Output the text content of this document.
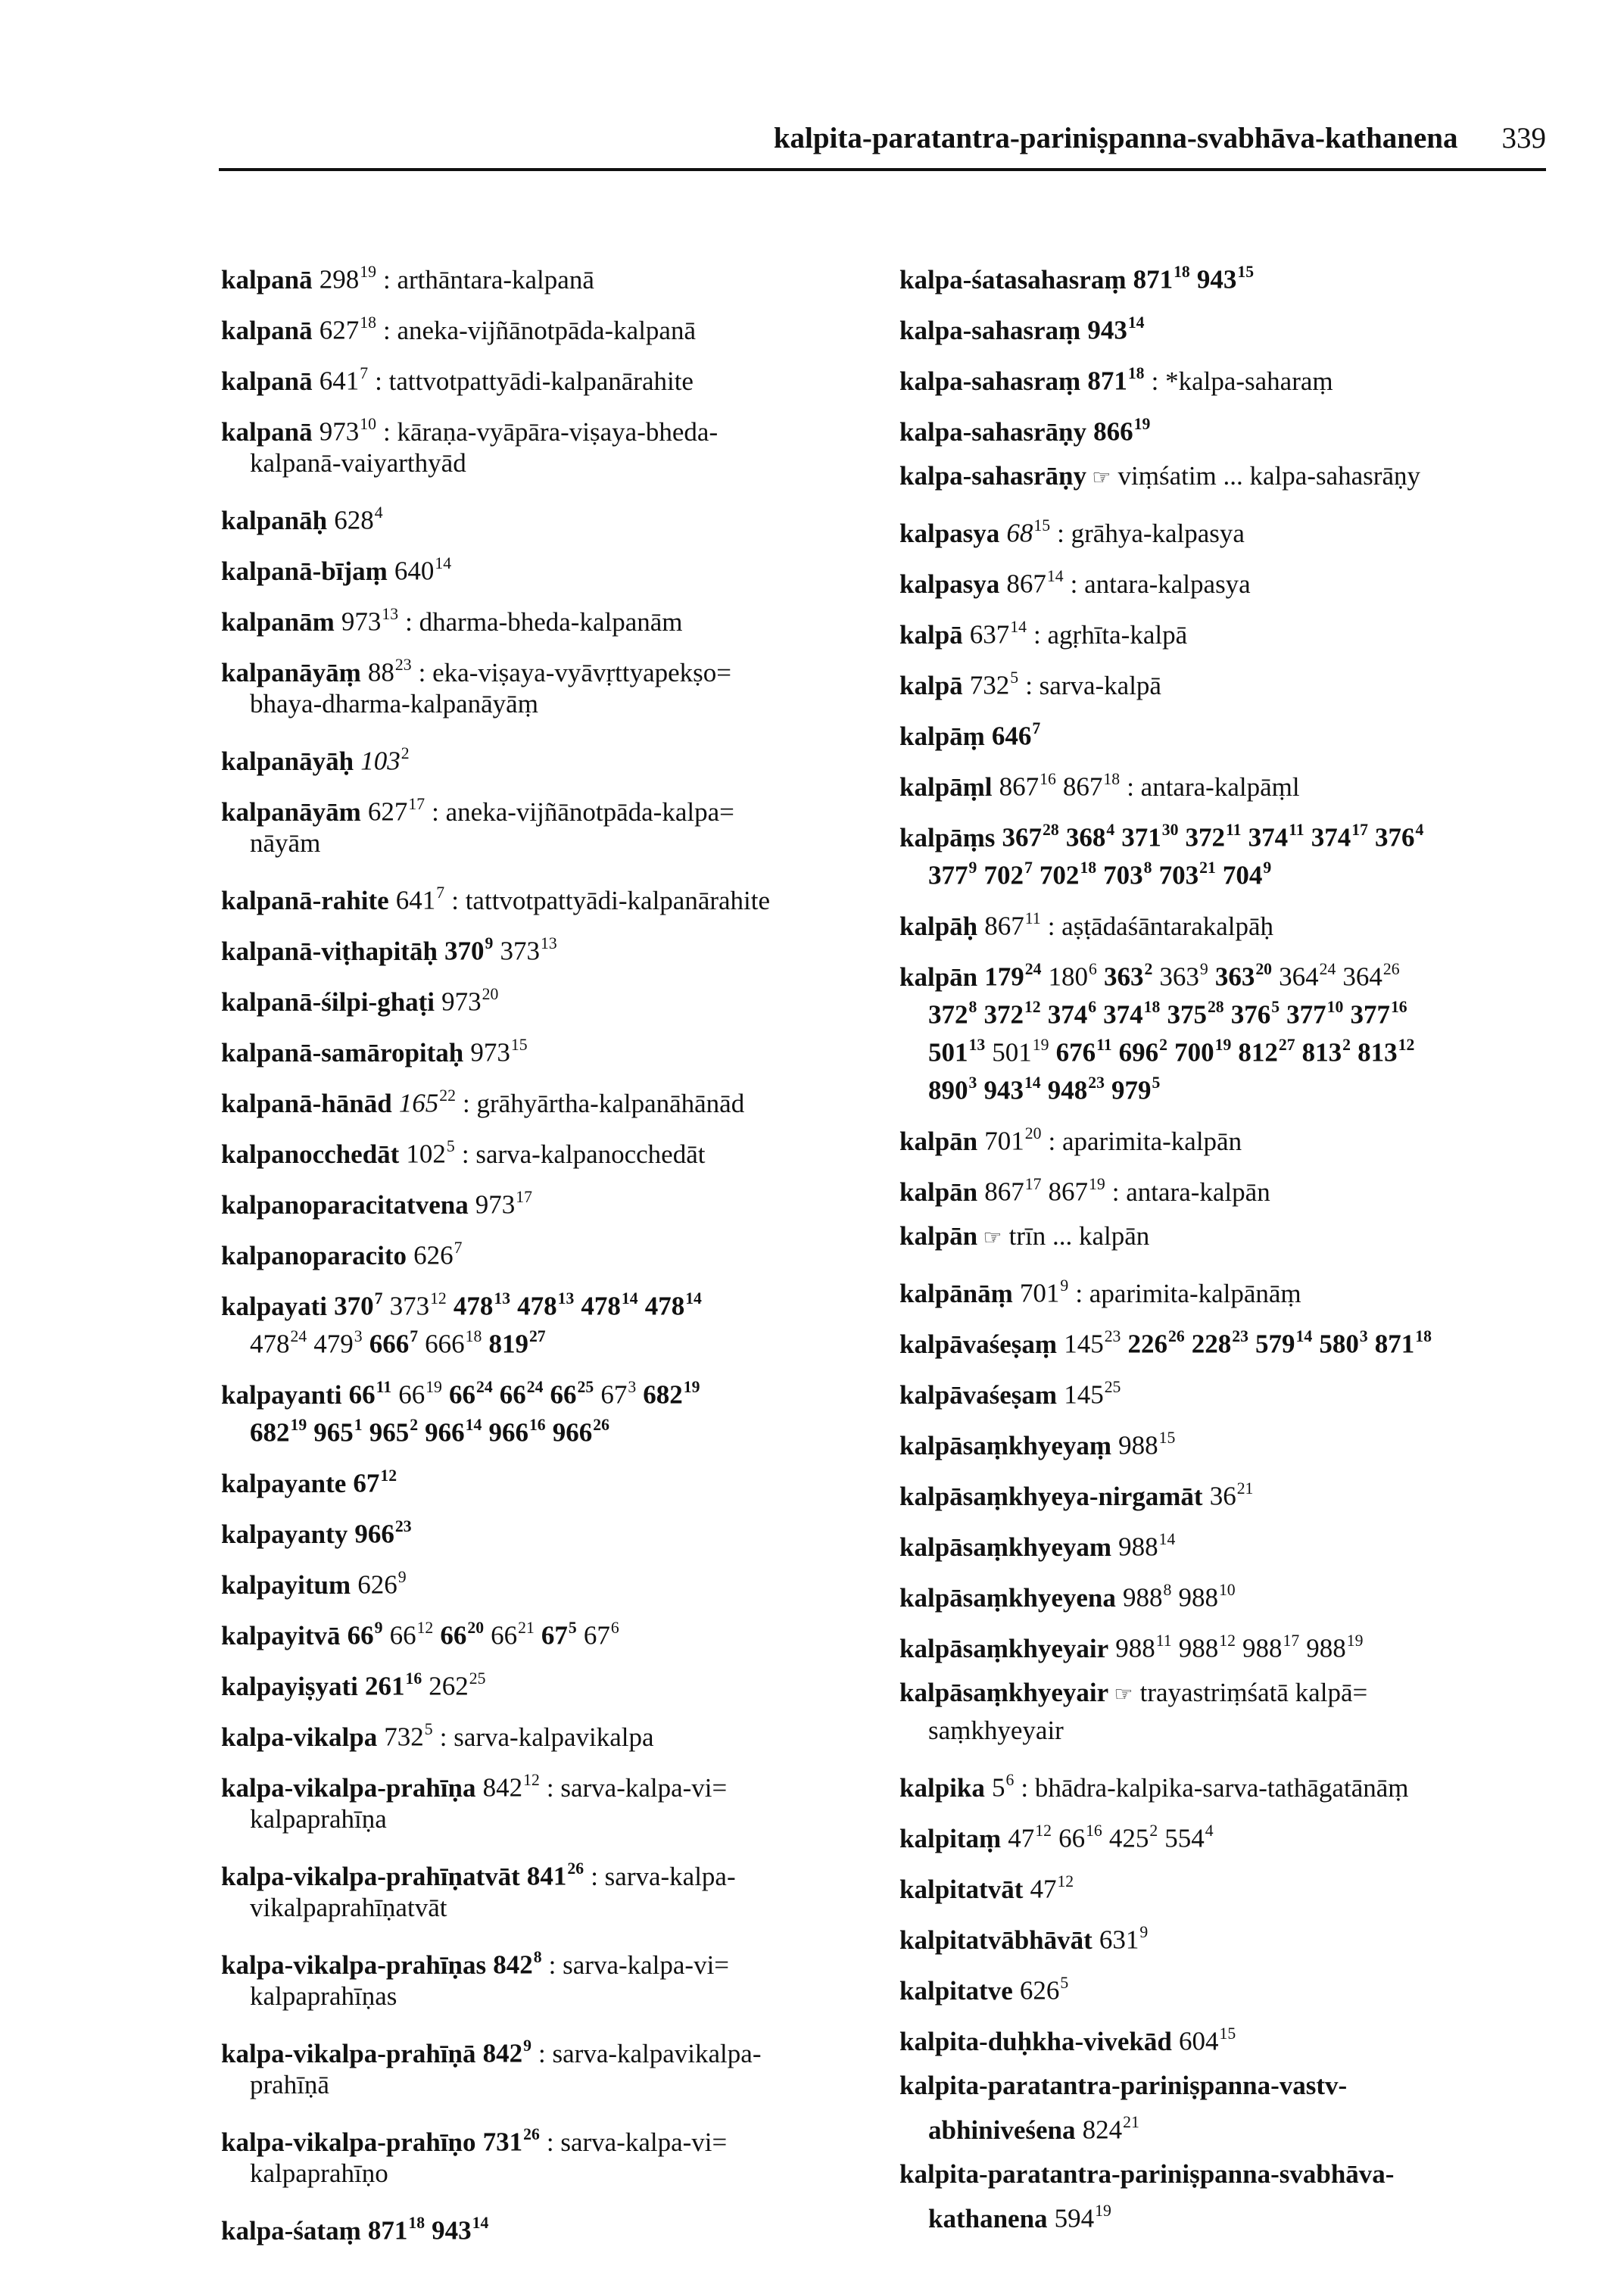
kalpita-paratantra-pariniṣpanna-svabhāva-kathanena 339
kalpanā $298^{19}$ : arthāntara-kalpanā
kalpanā $627^{18}$ : aneka-vijñānotpāda-kalpanā
kalpanā $641^7$ : tattvotpattyādi-kalpanārahite
kalpanā $973^{10}$ : kāraṇa-vyāpāra-viṣaya-bheda-
kalpanā-vaiyarthyād
kalpanāḥ $628^4$
kalpanā-bījaṃ $640^{14}$
kalpanām $973^{13}$ : dharma-bheda-kalpanām
kalpanāyāṃ $88^{23}$ : eka-viṣaya-vyāvṛttyapekṣo=
bhaya-dharma-kalpanāyāṃ
kalpanāyāḥ $103^2$
kalpanāyām $627^{17}$ : aneka-vijñānotpāda-kalpa=
nāyām
kalpanā-rahite $641^7$ : tattvotpattyādi-kalpanārahite
kalpanā-viṭhapitāḥ $370^9$ $373^{13}$
kalpanā-śilpi-ghaṭi $973^{20}$
kalpanā-samāropitaḥ $973^{15}$
kalpanā-hānād $165^{22}$ : grāhyārtha-kalpanāhānād
kalpanocchedāt $102^5$ : sarva-kalpanocchedāt
kalpanoparacitatvena $973^{17}$
kalpanoparacito $626^7$
kalpayati $370^7$ $373^{12}$ $478^{13}$ $478^{13}$ $478^{14}$ $478^{14}$
$478^{24}$ $479^3$ $666^7$ $666^{18}$ $819^{27}$
kalpayanti $66^{11}$ $66^{19}$ $66^{24}$ $66^{24}$ $66^{25}$ $67^3$ $682^{19}$
$682^{19}$ $965^1$ $965^2$ $966^{14}$ $966^{16}$ $966^{26}$
kalpayante $67^{12}$
kalpayanty $966^{23}$
kalpayitum $626^9$
kalpayitvā $66^9$ $66^{12}$ $66^{20}$ $66^{21}$ $67^5$ $67^6$
kalpayiṣyati $261^{16}$ $262^{25}$
kalpa-vikalpa $732^5$ : sarva-kalpavikalpa
kalpa-vikalpa-prahīṇa $842^{12}$ : sarva-kalpa-vi=
kalpaprahīṇa
kalpa-vikalpa-prahīṇatvāt $841^{26}$ : sarva-kalpa-
vikalpaprahīṇatvāt
kalpa-vikalpa-prahīṇas $842^8$ : sarva-kalpa-vi=
kalpaprahīṇas
kalpa-vikalpa-prahīṇā $842^9$ : sarva-kalpavikalpa-
prahīṇā
kalpa-vikalpa-prahīṇo $731^{26}$ : sarva-kalpa-vi=
kalpaprahīṇo
kalpa-śataṃ $871^{18}$ $943^{14}$
kalpa-śatasahasraṃ $871^{18}$ $943^{15}$
kalpa-sahasraṃ $943^{14}$
kalpa-sahasraṃ $871^{18}$ : *kalpa-saharaṃ
kalpa-sahasrāṇy $866^{19}$
kalpa-sahasrāṇy ☞ viṃśatim ... kalpa-sahasrāṇy
kalpasya $68^{15}$ : grāhya-kalpasya
kalpasya $867^{14}$ : antara-kalpasya
kalpā $637^{14}$ : agṛhīta-kalpā
kalpā $732^5$ : sarva-kalpā
kalpāṃ $646^7$
kalpāṃl $867^{16}$ $867^{18}$ : antara-kalpāṃl
kalpāṃs $367^{28}$ $368^4$ $371^{30}$ $372^{11}$ $374^{11}$ $374^{17}$ $376^4$
$377^9$ $702^7$ $702^{18}$ $703^8$ $703^{21}$ $704^9$
kalpāḥ $867^{11}$ : aṣṭādaśāntarakalpāḥ
kalpān $179^{24}$ $180^6$ $363^2$ $363^9$ $363^{20}$ $364^{24}$ $364^{26}$
$372^8$ $372^{12}$ $374^6$ $374^{18}$ $375^{28}$ $376^5$ $377^{10}$ $377^{16}$
$501^{13}$ $501^{19}$ $676^{11}$ $696^2$ $700^{19}$ $812^{27}$ $813^2$ $813^{12}$
$890^3$ $943^{14}$ $948^{23}$ $979^5$
kalpān $701^{20}$ : aparimita-kalpān
kalpān $867^{17}$ $867^{19}$ : antara-kalpān
kalpān ☞ trīn ... kalpān
kalpānāṃ $701^9$ : aparimita-kalpānāṃ
kalpāvaśeṣaṃ $145^{23}$ $226^{26}$ $228^{23}$ $579^{14}$ $580^3$ $871^{18}$
kalpāvaśeṣam $145^{25}$
kalpāsaṃkhyeyaṃ $988^{15}$
kalpāsaṃkhyeya-nirgamāt $36^{21}$
kalpāsaṃkhyeyam $988^{14}$
kalpāsaṃkhyeyena $988^8$ $988^{10}$
kalpāsaṃkhyeyair $988^{11}$ $988^{12}$ $988^{17}$ $988^{19}$
kalpāsaṃkhyeyair ☞ trayastriṃśatā kalpā=
saṃkhyeyair
kalpika $5^6$ : bhādra-kalpika-sarva-tathāgatānāṃ
kalpitaṃ $47^{12}$ $66^{16}$ $425^2$ $554^4$
kalpitatvāt $47^{12}$
kalpitatvābhāvāt $631^9$
kalpitatve $626^5$
kalpita-duḥkha-vivekād $604^{15}$
kalpita-paratantra-pariniṣpanna-vastv-
abhiniveśena $824^{21}$
kalpita-paratantra-pariniṣpanna-svabhāva-
kathanena $594^{19}$
